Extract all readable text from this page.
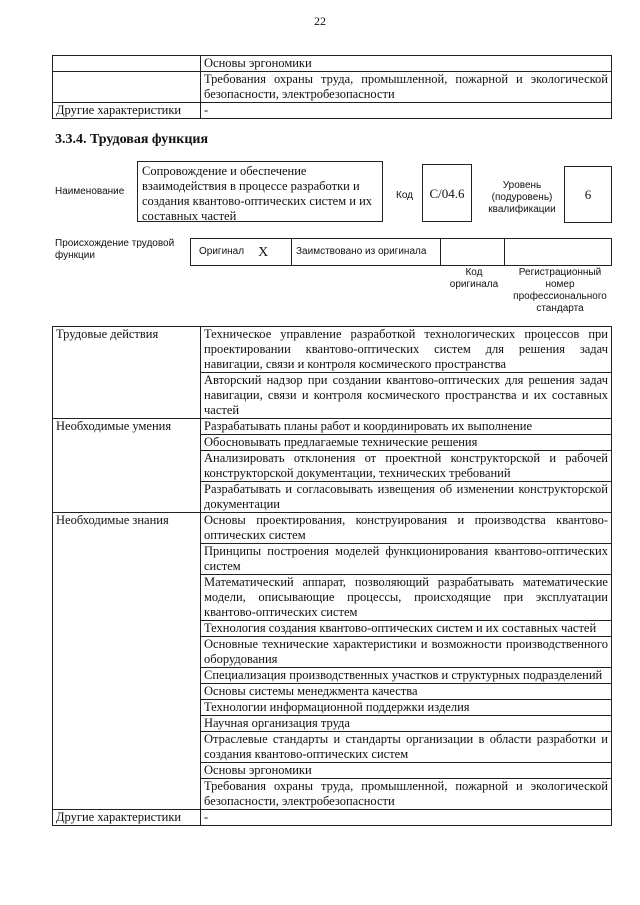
22
	Основы эргономики
	Требования охраны труда, промышленной, пожарной и экологической безопасности, электробезопасности
Другие характеристики	-
3.3.4. Трудовая функция
Наименование
Сопровождение и обеспечение взаимодействия в процессе разработки и создания квантово-оптических систем и их составных частей
Код C/04.6	Уровень (подуровень) квалификации
6
Происхождение трудовой функции	Оригинал X	Заимствовано из оригинала
Код оригинала
Регистрационный номер профессионального стандарта
Трудовые действия	Техническое управление разработкой технологических процессов при проектировании квантово-оптических систем для решения задач навигации, связи и контроля космического пространства
	Авторский надзор при создании квантово-оптических для решения задач навигации, связи и контроля космического пространства и их составных частей
Необходимые умения	Разрабатывать планы работ и координировать их выполнение
	Обосновывать предлагаемые технические решения
	Анализировать отклонения от проектной конструкторской и рабочей конструкторской документации, технических требований
	Разрабатывать и согласовывать извещения об изменении конструкторской документации
Необходимые знания	Основы проектирования, конструирования и производства квантово-оптических систем
	Принципы построения моделей функционирования квантово-оптических систем
	Математический аппарат, позволяющий разрабатывать математические модели, описывающие процессы, происходящие при эксплуатации квантово-оптических систем
	Технология создания квантово-оптических систем и их составных частей
	Основные технические характеристики и возможности производственного оборудования
	Специализация производственных участков и структурных подразделений
	Основы системы менеджмента качества
	Технологии информационной поддержки изделия
	Научная организация труда
	Отраслевые стандарты и стандарты организации в области разработки и создания квантово-оптических систем
	Основы эргономики
	Требования охраны труда, промышленной, пожарной и экологической безопасности, электробезопасности
Другие характеристики	-
